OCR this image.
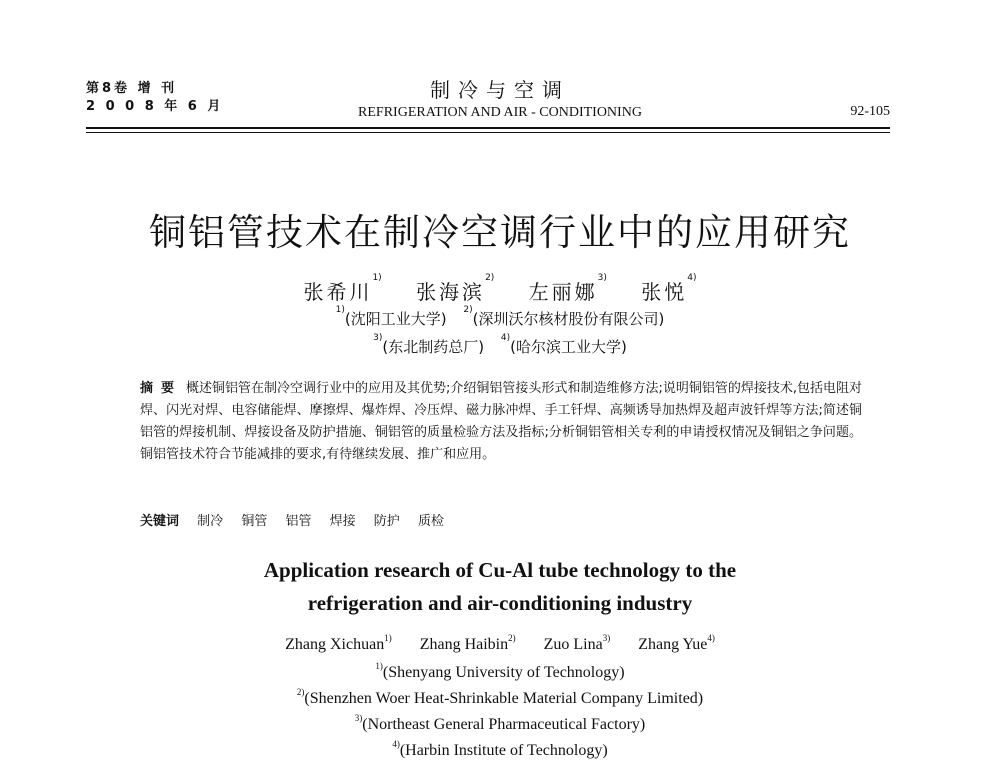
第8卷 增 刊
2 0 0 8 年 6 月
制冷与空调
REFRIGERATION AND AIR - CONDITIONING	92-105
铜铝管技术在制冷空调行业中的应用研究
张希川$^{1)}$ 张海滨$^{2)}$ 左丽娜$^{3)}$ 张悦$^{4)}$
$^{1)}$(沈阳工业大学) $^{2)}$(深圳沃尔核材股份有限公司)
$^{3)}$(东北制药总厂) $^{4)}$(哈尔滨工业大学)
摘要 概述铜铝管在制冷空调行业中的应用及其优势;介绍铜铝管接头形式和制造维修方法;说明铜铝管的焊接技术,包括电阻对焊、闪光对焊、电容储能焊、摩擦焊、爆炸焊、冷压焊、磁力脉冲焊、手工钎焊、高频诱导加热焊及超声波钎焊等方法;简述铜铝管的焊接机制、焊接设备及防护措施、铜铝管的质量检验方法及指标;分析铜铝管相关专利的申请授权情况及铜铝之争问题。铜铝管技术符合节能减排的要求,有待继续发展、推广和应用。
关键词 制冷 铜管 铝管 焊接 防护 质检
Application research of Cu-Al tube technology to the
refrigeration and air-conditioning industry
Zhang Xichuan$^{1)}$ Zhang Haibin$^{2)}$ Zuo Lina$^{3)}$ Zhang Yue$^{4)}$
$^{1)}$(Shenyang University of Technology)
$^{2)}$(Shenzhen Woer Heat-Shrinkable Material Company Limited)
$^{3)}$(Northeast General Pharmaceutical Factory)
$^{4)}$(Harbin Institute of Technology)
